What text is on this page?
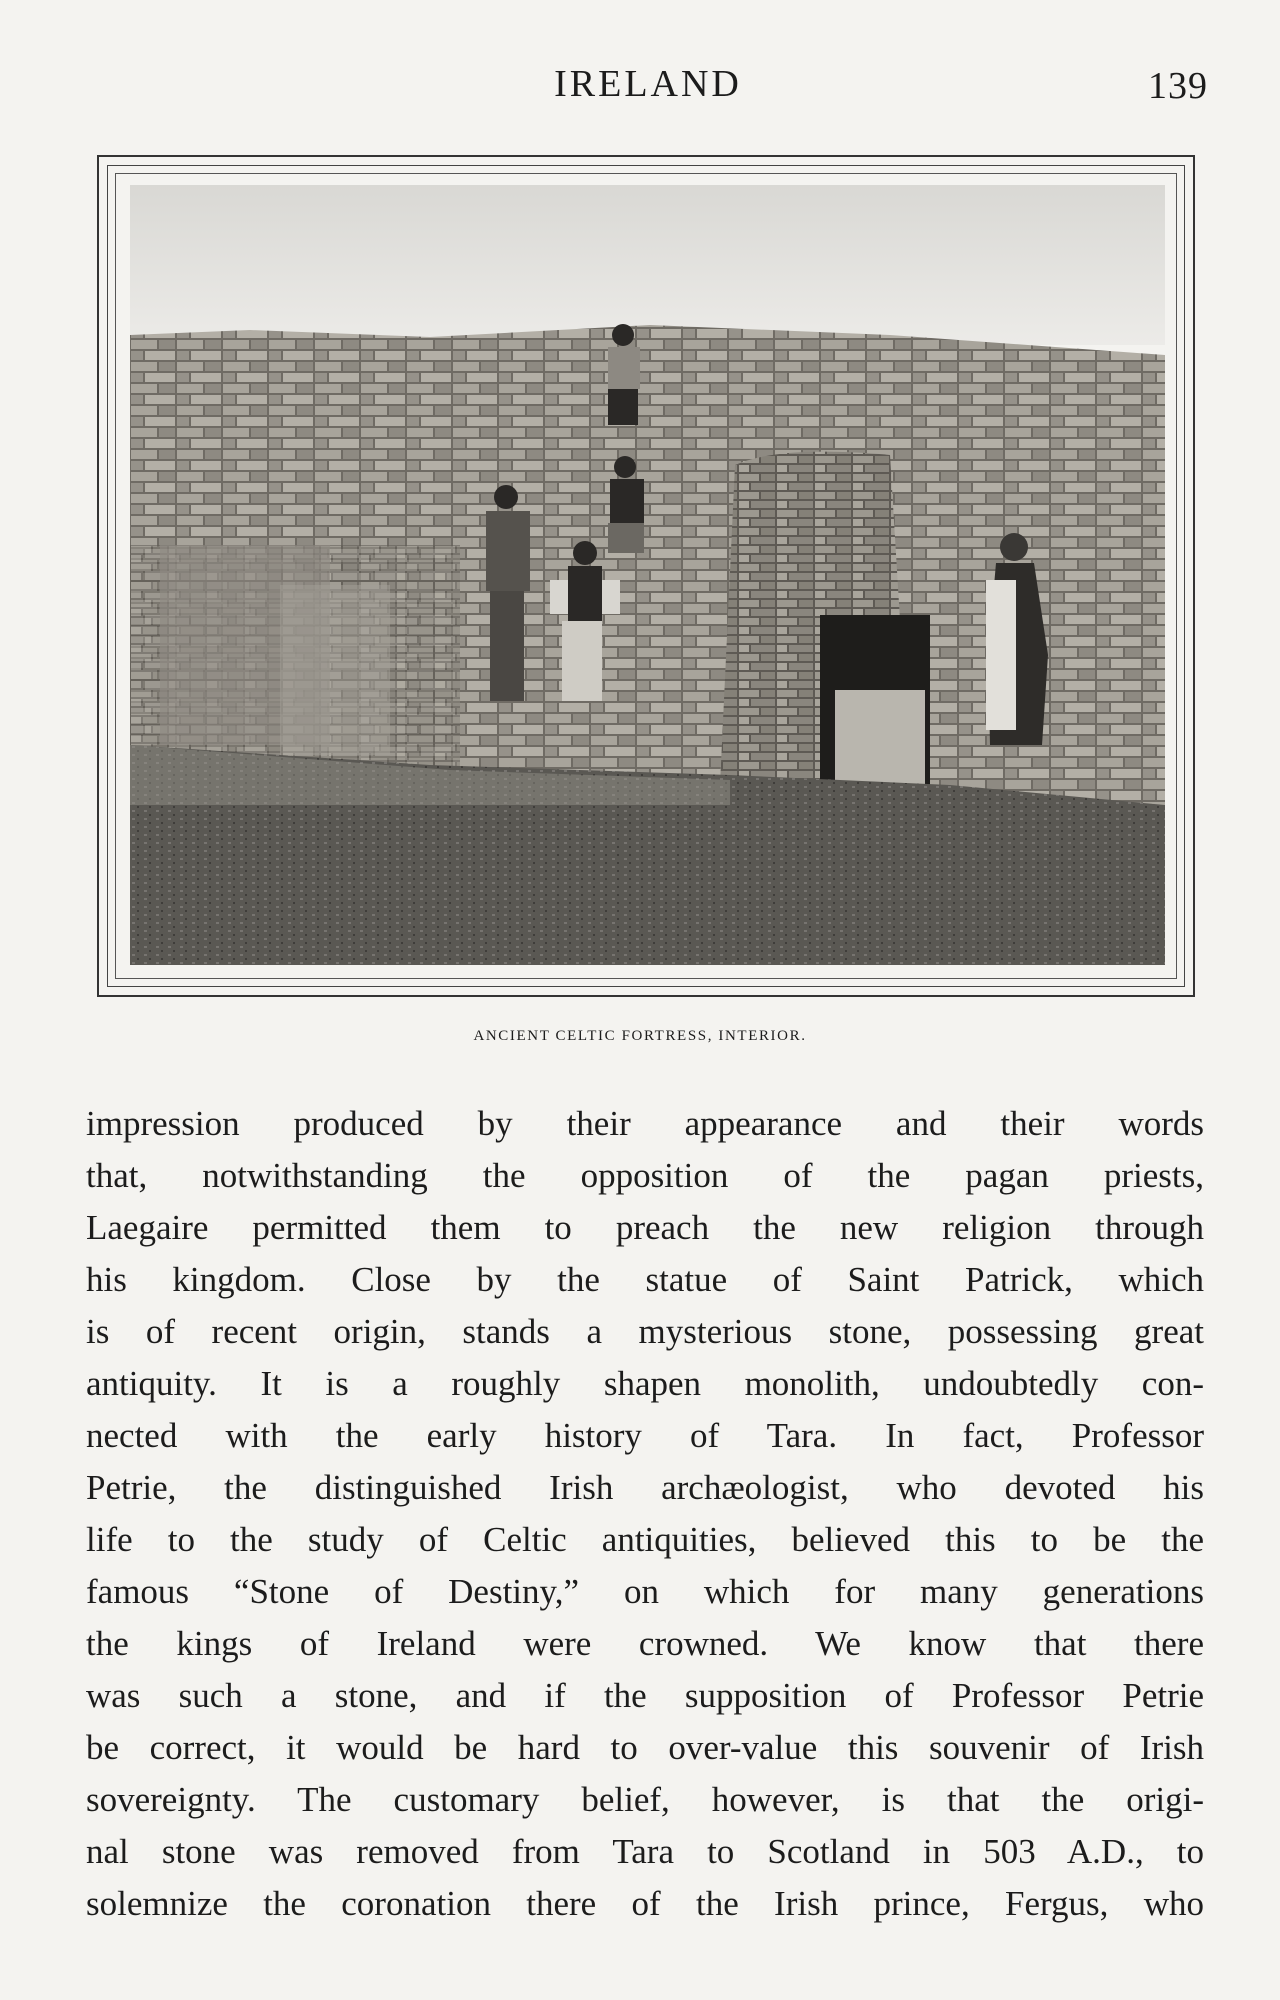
IRELAND	139
ANCIENT CELTIC FORTRESS, INTERIOR.
impression produced by their appearance and their words
that, notwithstanding the opposition of the pagan priests,
Laegaire permitted them to preach the new religion through
his kingdom. Close by the statue of Saint Patrick, which
is of recent origin, stands a mysterious stone, possessing great
antiquity. It is a roughly shapen monolith, undoubtedly con-
nected with the early history of Tara. In fact, Professor
Petrie, the distinguished Irish archæologist, who devoted his
life to the study of Celtic antiquities, believed this to be the
famous “Stone of Destiny,” on which for many generations
the kings of Ireland were crowned. We know that there
was such a stone, and if the supposition of Professor Petrie
be correct, it would be hard to over-value this souvenir of Irish
sovereignty. The customary belief, however, is that the origi-
nal stone was removed from Tara to Scotland in 503 A.D., to
solemnize the coronation there of the Irish prince, Fergus, who
